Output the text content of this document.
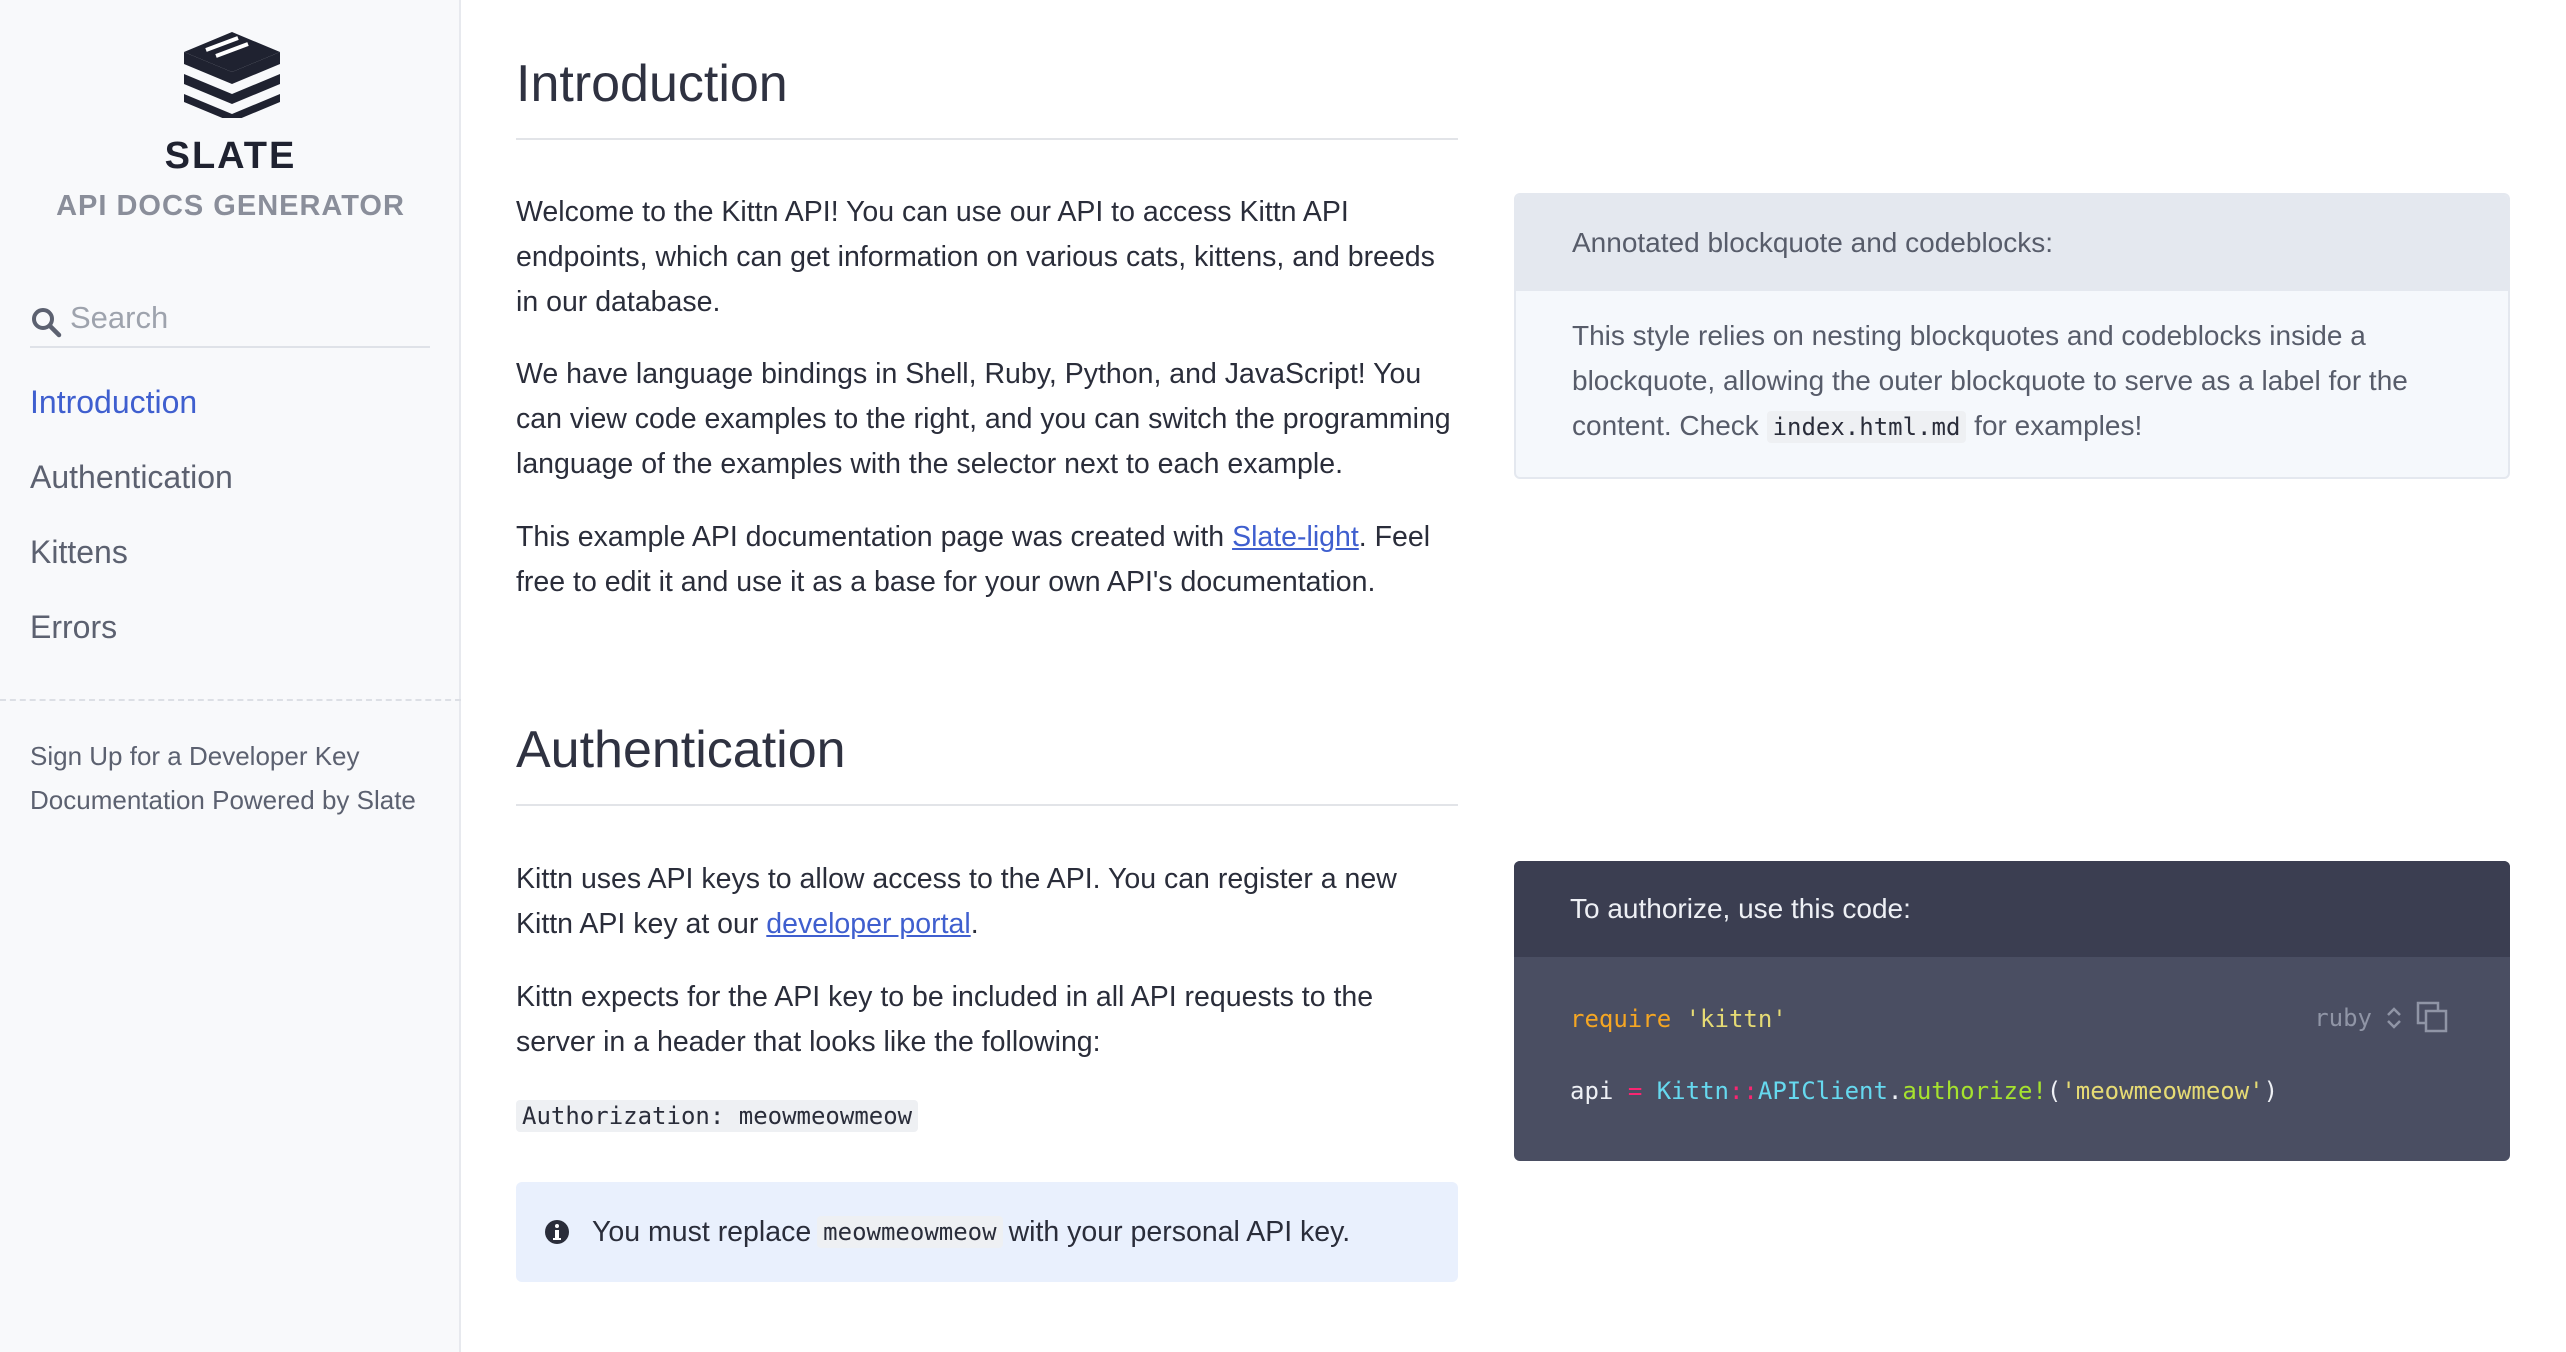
SLATE
API DOCS GENERATOR
Search
Introduction
Authentication
Kittens
Errors
Sign Up for a Developer Key
Documentation Powered by Slate
Introduction

Welcome to the Kittn API! You can use our API to access Kittn API endpoints, which can get information on various cats, kittens, and breeds in our database.

We have language bindings in Shell, Ruby, Python, and JavaScript! You can view code examples to the right, and you can switch the programming language of the examples with the selector next to each example.

This example API documentation page was created with Slate-light. Feel free to edit it and use it as a base for your own API's documentation.

Authentication

Kittn uses API keys to allow access to the API. You can register a new Kittn API key at our developer portal.

Kittn expects for the API key to be included in all API requests to the server in a header that looks like the following:

Authorization: meowmeowmeow
You must replace meowmeowmeow with your personal API key.
Annotated blockquote and codeblocks:
This style relies on nesting blockquotes and codeblocks inside a blockquote, allowing the outer blockquote to serve as a label for the content. Check index.html.md for examples!
To authorize, use this code:
ruby
require 'kittn'
api = Kittn::APIClient.authorize!('meowmeowmeow')
